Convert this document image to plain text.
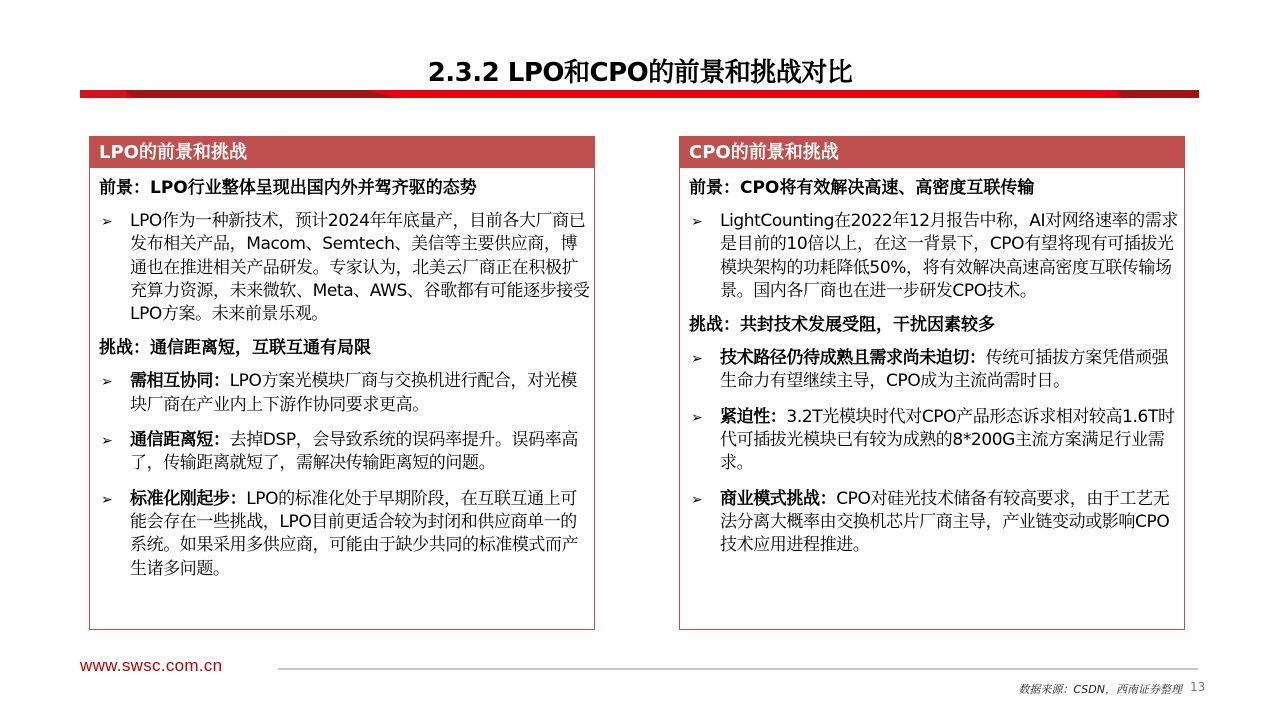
2.3.2 LPO和CPO的前景和挑战对比
LPO的前景和挑战
前景：LPO行业整体呈现出国内外并驾齐驱的态势
➢	LPO作为一种新技术，预计2024年年底量产，目前各大厂商已发布相关产品，Macom、Semtech、美信等主要供应商，博通也在推进相关产品研发。专家认为，北美云厂商正在积极扩充算力资源，未来微软、Meta、AWS、谷歌都有可能逐步接受LPO方案。未来前景乐观。
挑战：通信距离短，互联互通有局限
➢	需相互协同：LPO方案光模块厂商与交换机进行配合，对光模块厂商在产业内上下游作协同要求更高。
➢	通信距离短：去掉DSP，会导致系统的误码率提升。误码率高了，传输距离就短了，需解决传输距离短的问题。
➢	标准化刚起步：LPO的标准化处于早期阶段，在互联互通上可能会存在一些挑战，LPO目前更适合较为封闭和供应商单一的系统。如果采用多供应商，可能由于缺少共同的标准模式而产生诸多问题。
CPO的前景和挑战
前景：CPO将有效解决高速、高密度互联传输
➢	LightCounting在2022年12月报告中称，AI对网络速率的需求是目前的10倍以上，在这一背景下，CPO有望将现有可插拔光模块架构的功耗降低50%，将有效解决高速高密度互联传输场景。国内各厂商也在进一步研发CPO技术。
挑战：共封技术发展受阻，干扰因素较多
➢	技术路径仍待成熟且需求尚未迫切：传统可插拔方案凭借顽强生命力有望继续主导，CPO成为主流尚需时日。
➢	紧迫性：3.2T光模块时代对CPO产品形态诉求相对较高1.6T时代可插拔光模块已有较为成熟的8*200G主流方案满足行业需求。
➢	商业模式挑战：CPO对硅光技术储备有较高要求，由于工艺无法分离大概率由交换机芯片厂商主导，产业链变动或影响CPO技术应用进程推进。
www.swsc.com.cn
数据来源：CSDN，西南证券整理 13
